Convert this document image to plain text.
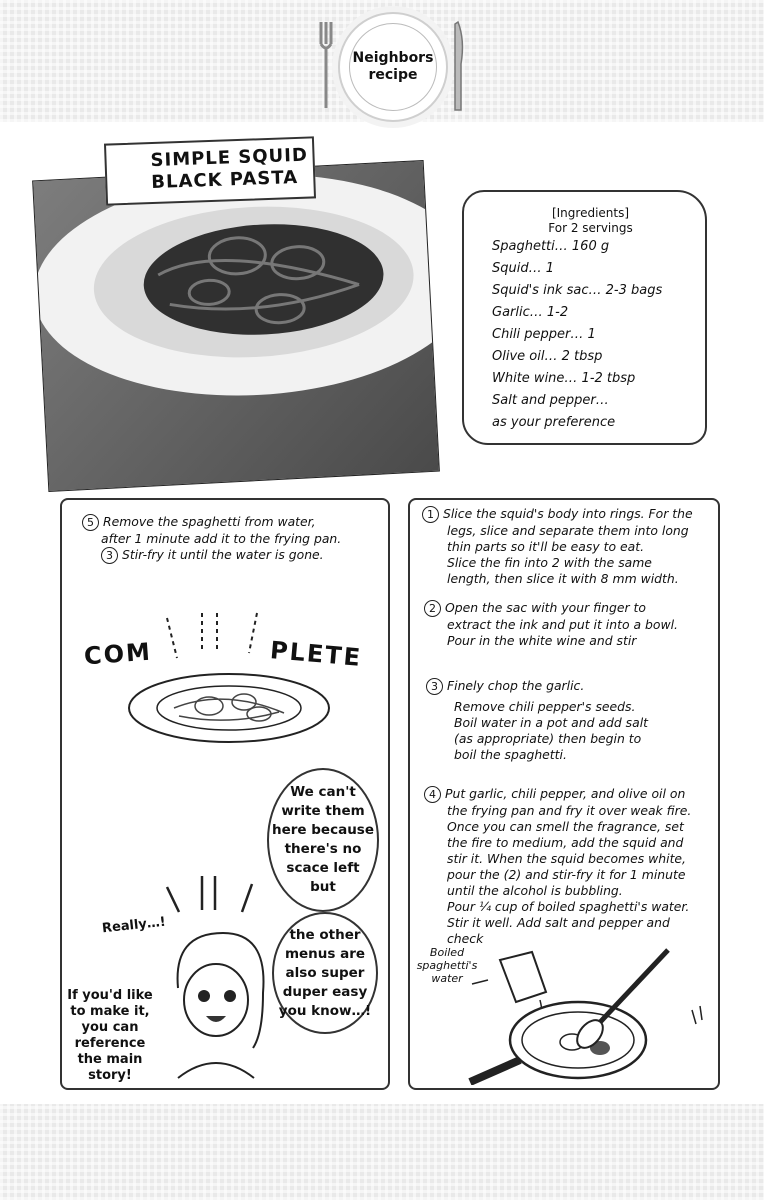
Neighbors
recipe
SIMPLE SQUID
BLACK PASTA
[Ingredients]
For 2 servings
Spaghetti… 160 g
Squid… 1
Squid's ink sac… 2-3 bags
Garlic… 1-2
Chili pepper… 1
Olive oil… 2 tbsp
White wine… 1-2 tbsp
Salt and pepper…
as your preference
5 Remove the spaghetti from water,
after 1 minute add it to the frying pan.
3 Stir-fry it until the water is gone.
COM	PLETE
We can't
write them
here because
there's no
scace left
but
the other
menus are
also super
duper easy
you know…!
Really…!
If you'd like
to make it,
you can
reference
the main
story!
1 Slice the squid's body into rings. For the
legs, slice and separate them into long
thin parts so it'll be easy to eat.
Slice the fin into 2 with the same
length, then slice it with 8 mm width.
2 Open the sac with your finger to
extract the ink and put it into a bowl.
Pour in the white wine and stir
3 Finely chop the garlic.
Remove chili pepper's seeds.
Boil water in a pot and add salt
(as appropriate) then begin to
boil the spaghetti.
4 Put garlic, chili pepper, and olive oil on
the frying pan and fry it over weak fire.
Once you can smell the fragrance, set
the fire to medium, add the squid and
stir it. When the squid becomes white,
pour the (2) and stir-fry it for 1 minute
until the alcohol is bubbling.
Pour ¼ cup of boiled spaghetti's water.
Stir it well. Add salt and pepper and
check
Boiled
spaghetti's
water
